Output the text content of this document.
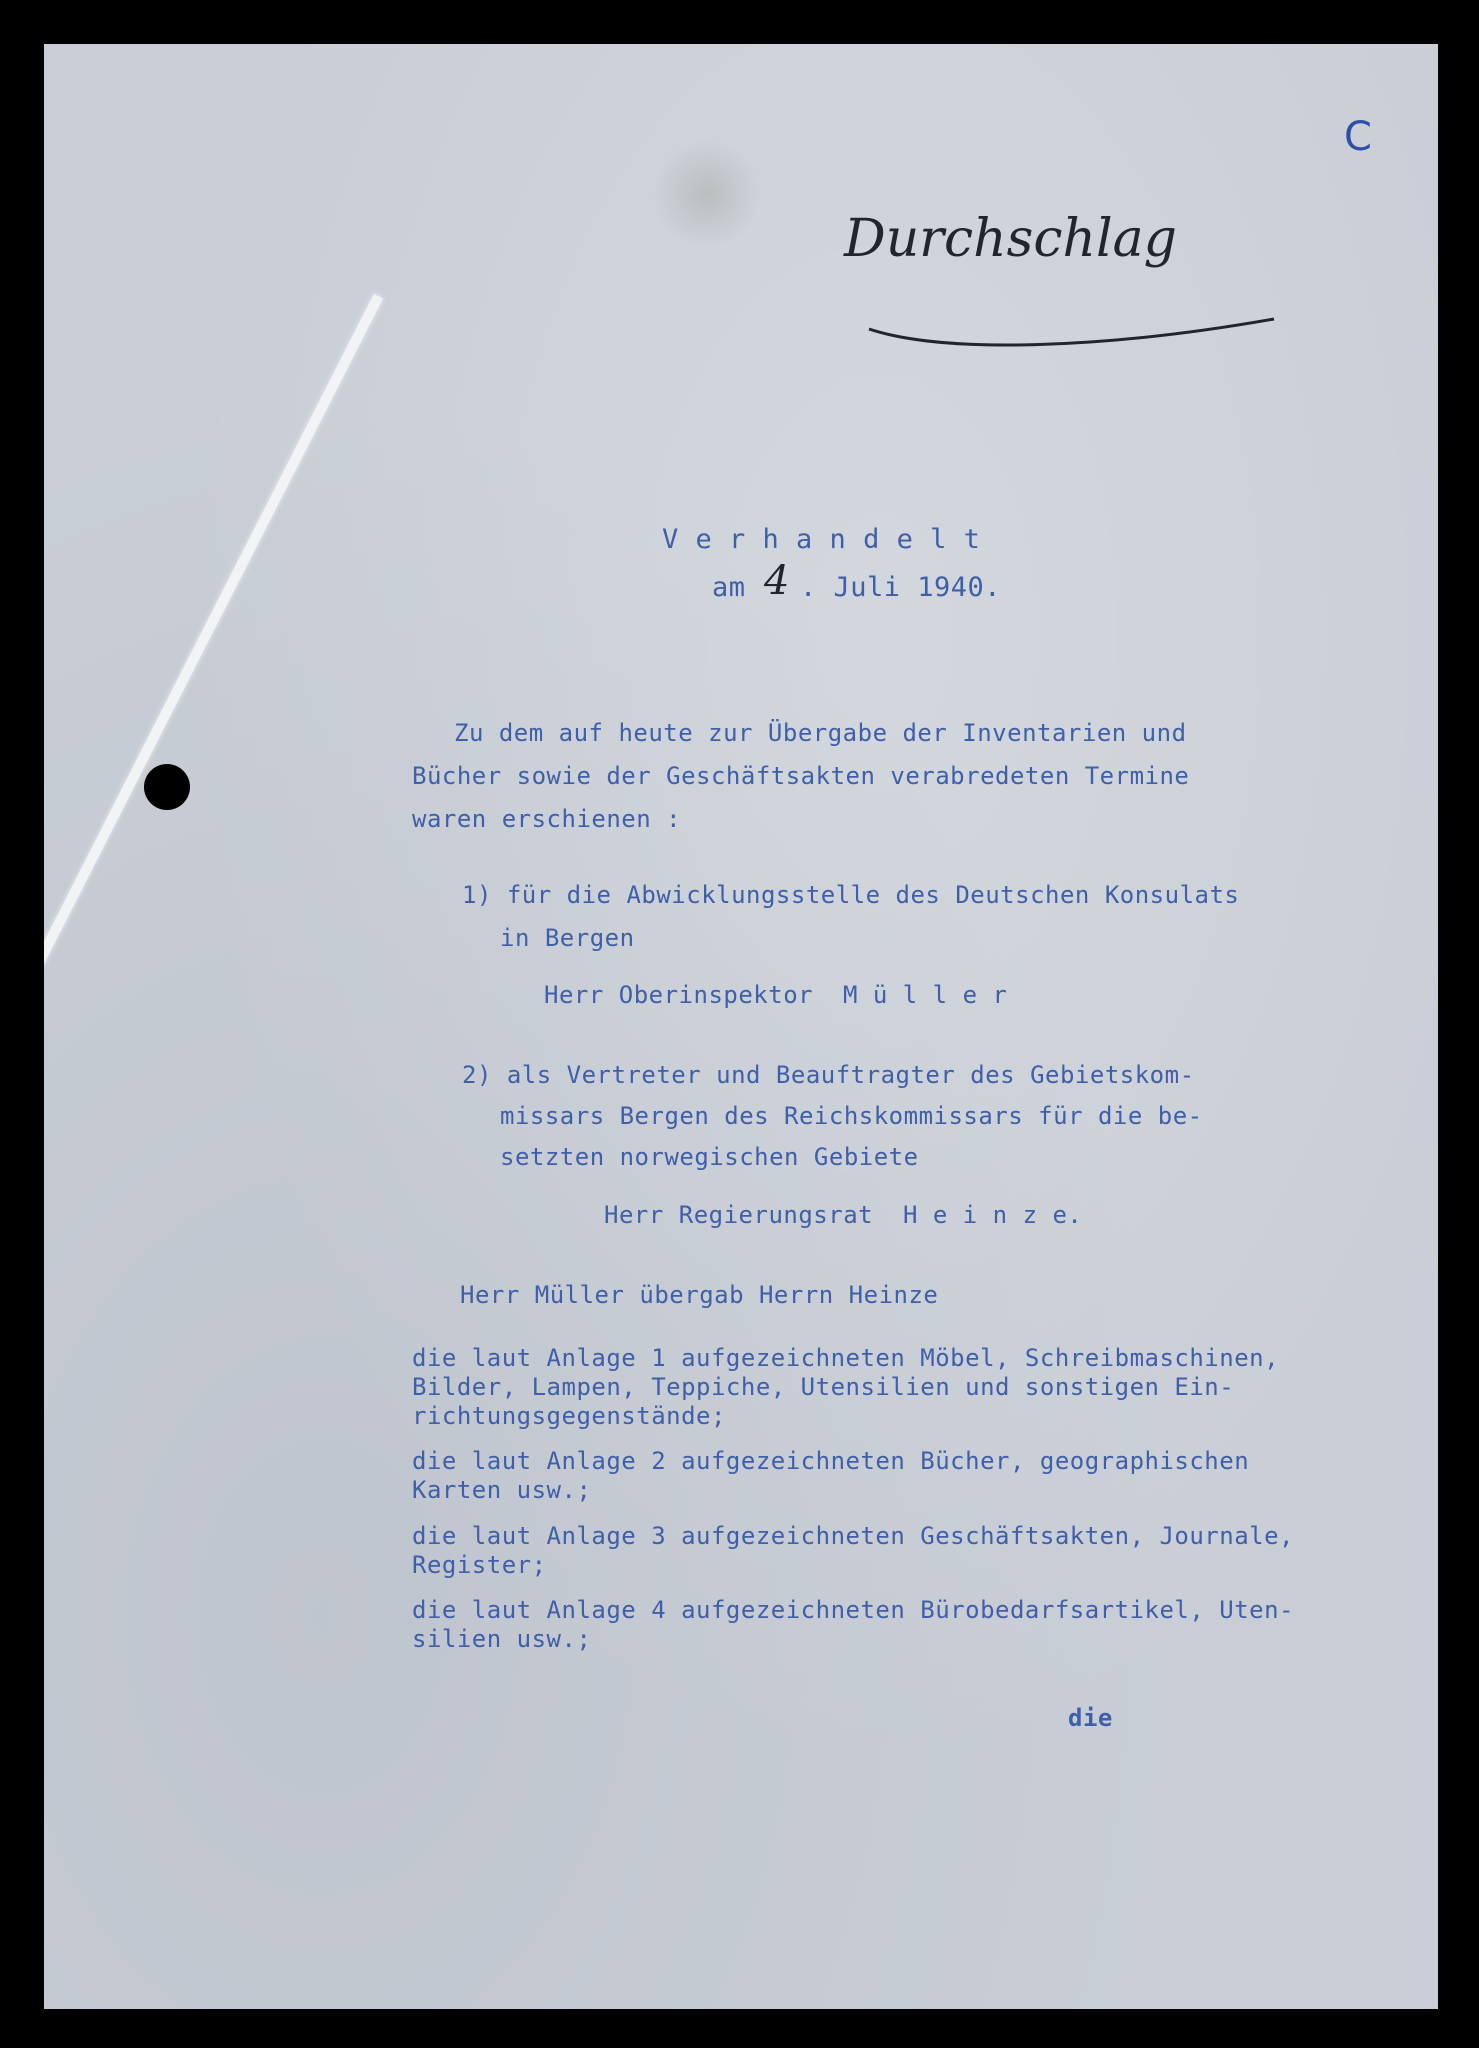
C
Durchschlag
V e r h a n d e l t
am 4 . Juli 1940.
Zu dem auf heute zur Übergabe der Inventarien und
Bücher sowie der Geschäftsakten verabredeten Termine
waren erschienen :
1) für die Abwicklungsstelle des Deutschen Konsulats
in Bergen
Herr Oberinspektor  M ü l l e r
2) als Vertreter und Beauftragter des Gebietskom-
missars Bergen des Reichskommissars für die be-
setzten norwegischen Gebiete
Herr Regierungsrat  H e i n z e.
Herr Müller übergab Herrn Heinze
die laut Anlage 1 aufgezeichneten Möbel, Schreibmaschinen,
Bilder, Lampen, Teppiche, Utensilien und sonstigen Ein-
richtungsgegenstände;
die laut Anlage 2 aufgezeichneten Bücher, geographischen
Karten usw.;
die laut Anlage 3 aufgezeichneten Geschäftsakten, Journale,
Register;
die laut Anlage 4 aufgezeichneten Bürobedarfsartikel, Uten-
silien usw.;
die
